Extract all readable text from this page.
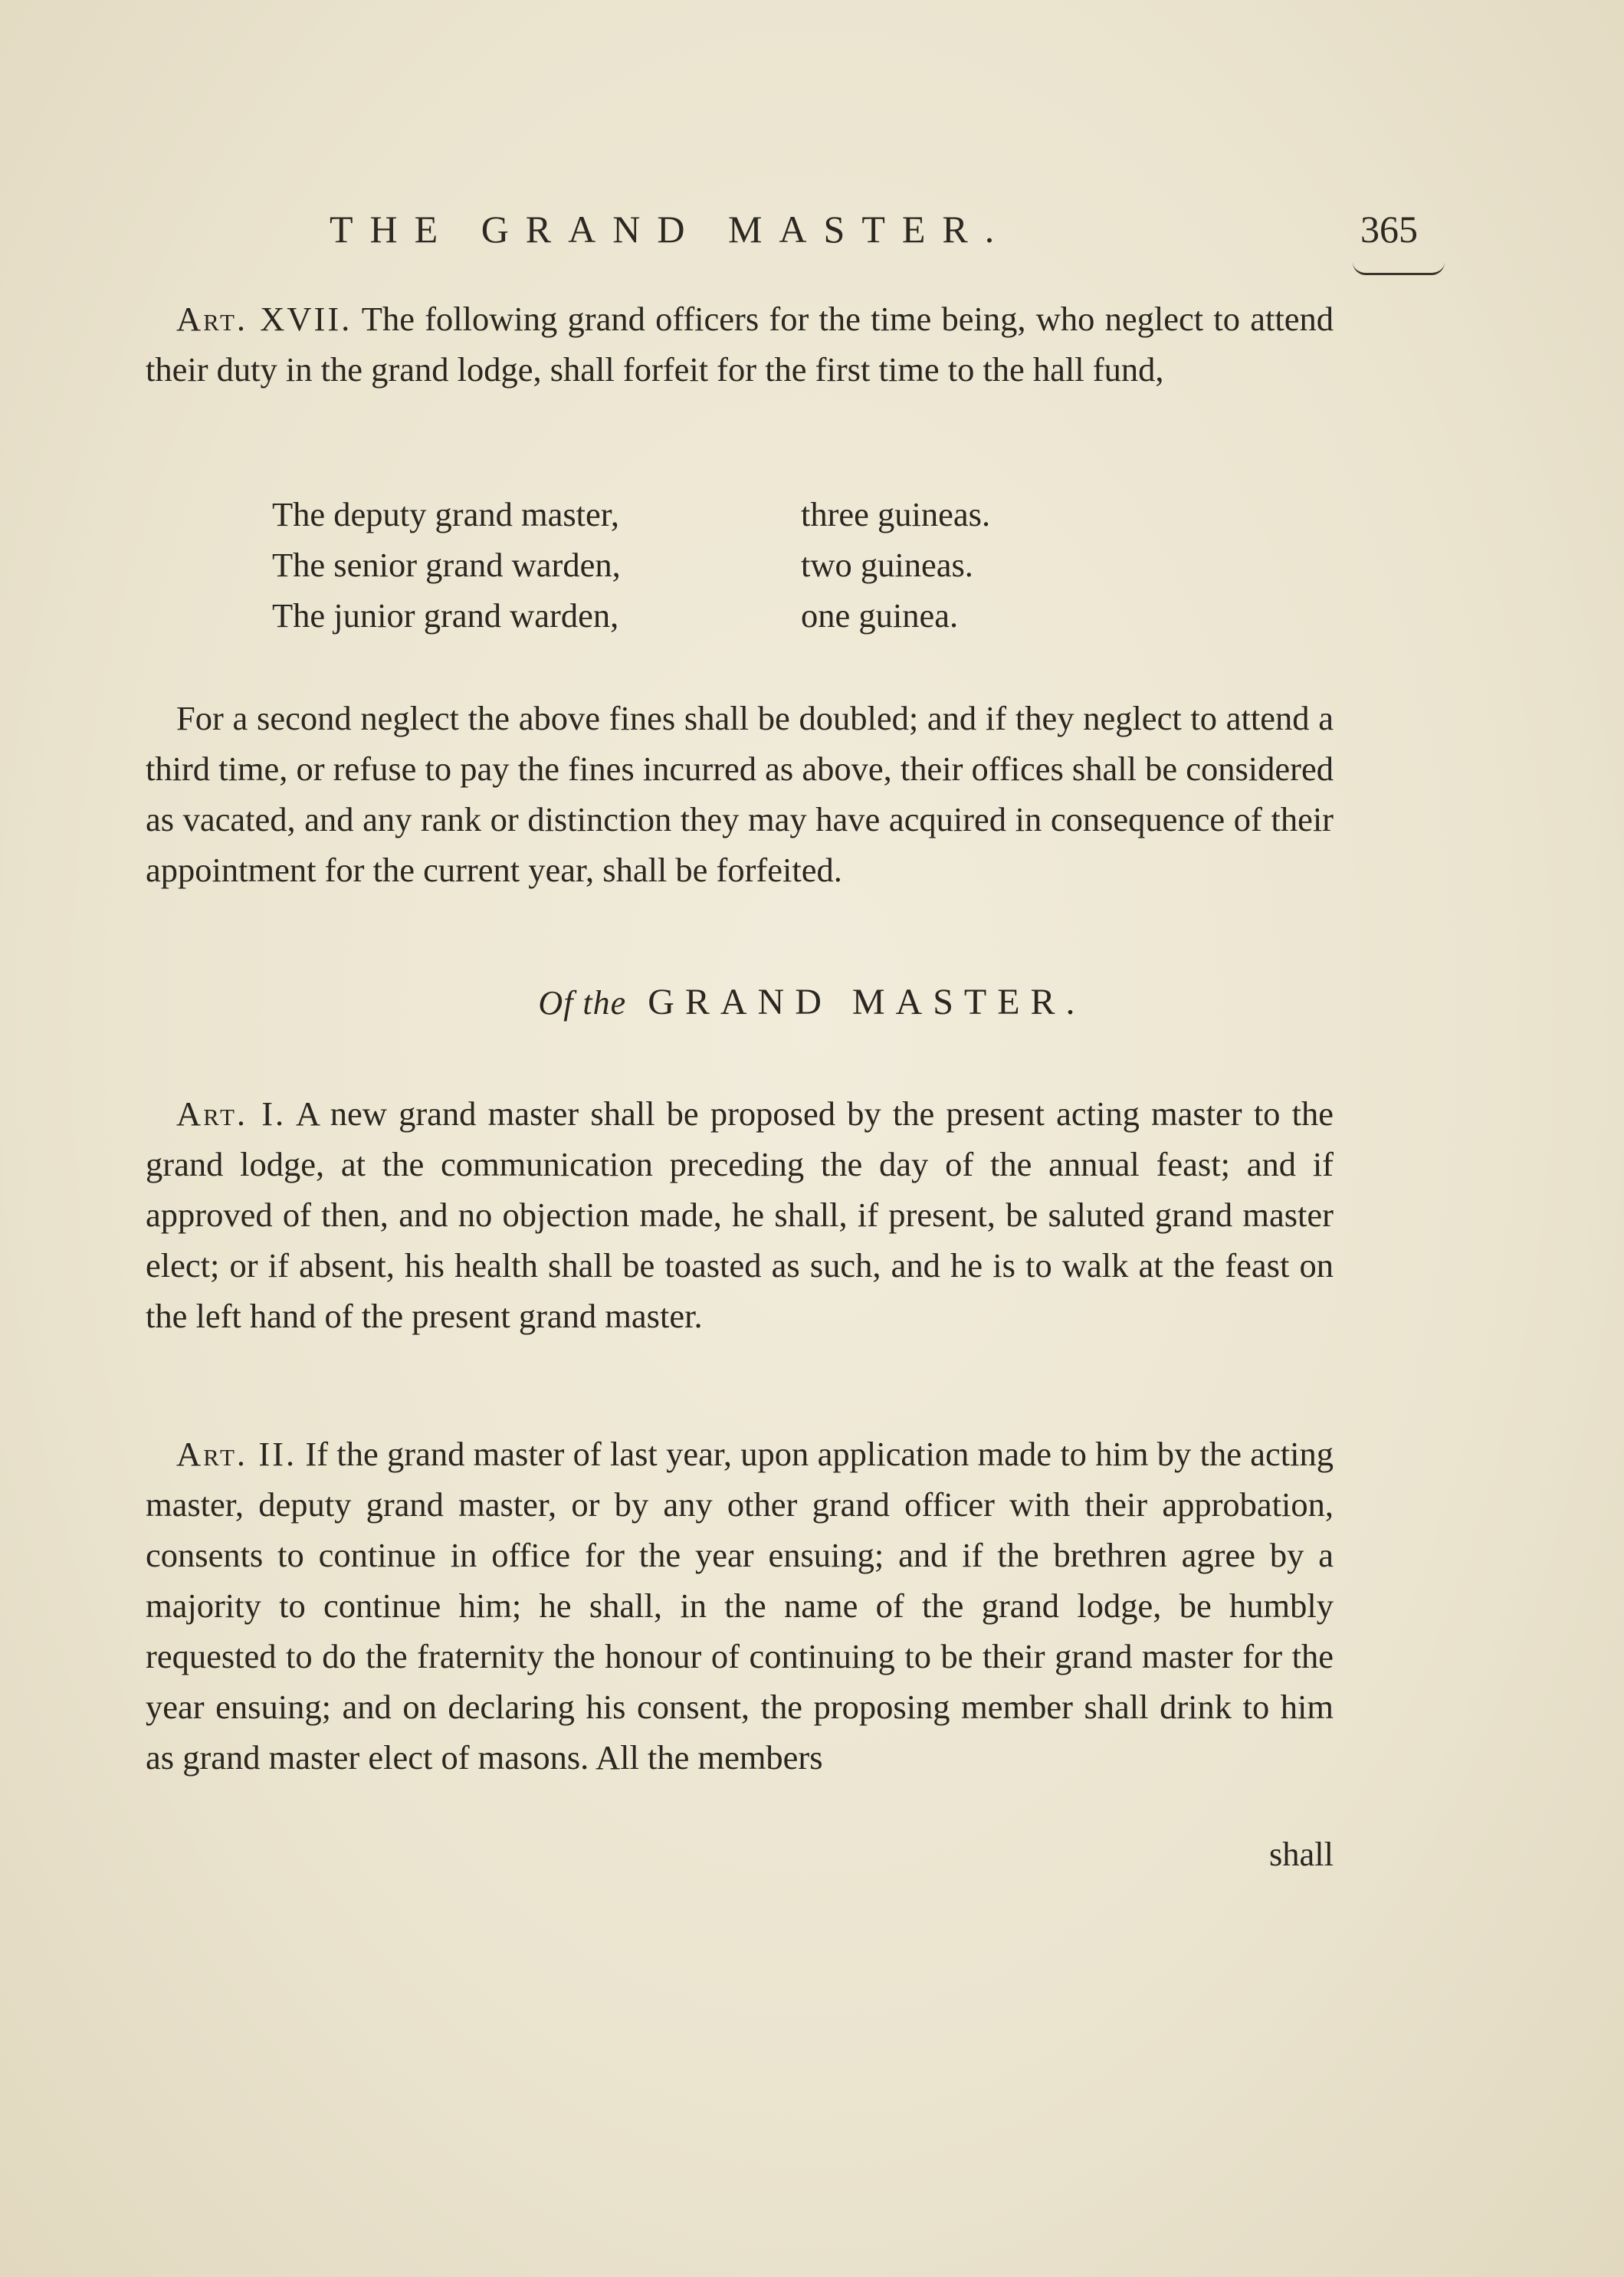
THE GRAND MASTER.	365

Art. XVII. The following grand officers for the time being, who neglect to attend their duty in the grand lodge, shall forfeit for the first time to the hall fund,

The deputy grand master,	three guineas.
The senior grand warden,	two guineas.
The junior grand warden,	one guinea.

For a second neglect the above fines shall be doubled; and if they neglect to attend a third time, or refuse to pay the fines incurred as above, their offices shall be considered as vacated, and any rank or distinction they may have acquired in consequence of their appointment for the current year, shall be forfeited.

Of the GRAND MASTER.

Art. I. A new grand master shall be proposed by the present acting master to the grand lodge, at the communication preceding the day of the annual feast; and if approved of then, and no objection made, he shall, if present, be saluted grand master elect; or if absent, his health shall be toasted as such, and he is to walk at the feast on the left hand of the present grand master.

Art. II. If the grand master of last year, upon application made to him by the acting master, deputy grand master, or by any other grand officer with their approbation, consents to continue in office for the year ensuing; and if the brethren agree by a majority to continue him; he shall, in the name of the grand lodge, be humbly requested to do the fraternity the honour of continuing to be their grand master for the year ensuing; and on declaring his consent, the proposing member shall drink to him as grand master elect of masons. All the members

shall
